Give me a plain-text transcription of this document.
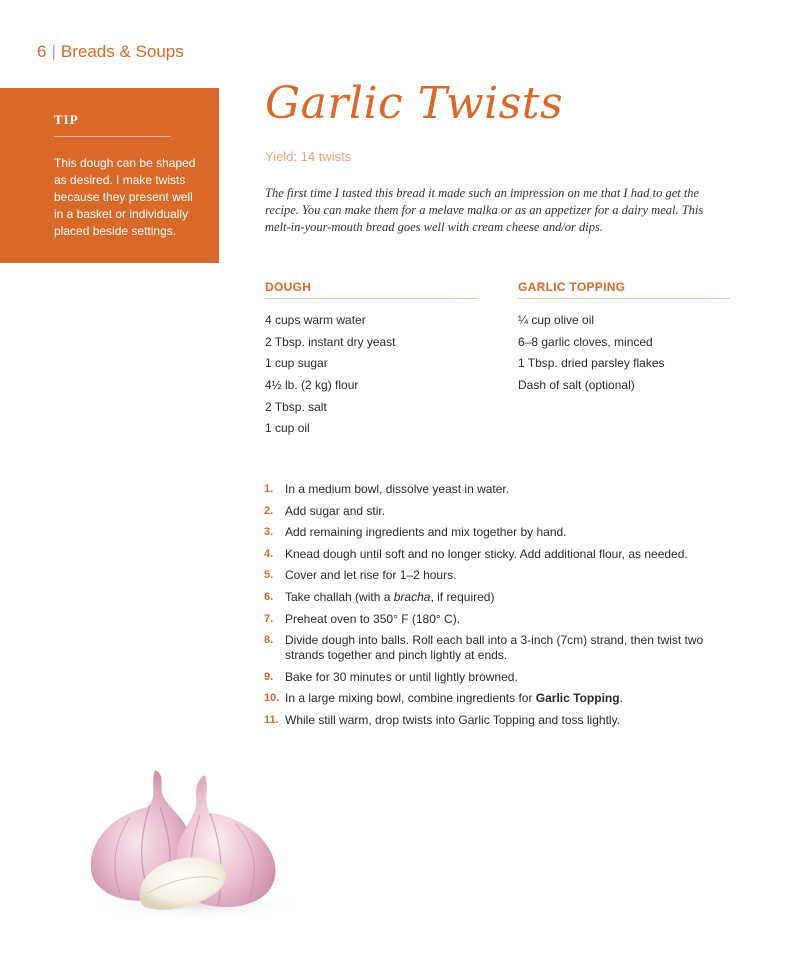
6 | Breads & Soups
TIP
This dough can be shaped as desired. I make twists because they present well in a basket or individually placed beside settings.
Garlic Twists
Yield: 14 twists
The first time I tasted this bread it made such an impression on me that I had to get the recipe. You can make them for a melave malka or as an appetizer for a dairy meal. This melt-in-your-mouth bread goes well with cream cheese and/or dips.
DOUGH
4 cups warm water
2 Tbsp. instant dry yeast
1 cup sugar
4½ lb. (2 kg) flour
2 Tbsp. salt
1 cup oil
GARLIC TOPPING
¼ cup olive oil
6–8 garlic cloves, minced
1 Tbsp. dried parsley flakes
Dash of salt (optional)
1. In a medium bowl, dissolve yeast in water.
2. Add sugar and stir.
3. Add remaining ingredients and mix together by hand.
4. Knead dough until soft and no longer sticky. Add additional flour, as needed.
5. Cover and let rise for 1–2 hours.
6. Take challah (with a bracha, if required)
7. Preheat oven to 350° F (180° C).
8. Divide dough into balls. Roll each ball into a 3-inch (7cm) strand, then twist two strands together and pinch lightly at ends.
9. Bake for 30 minutes or until lightly browned.
10. In a large mixing bowl, combine ingredients for Garlic Topping.
11. While still warm, drop twists into Garlic Topping and toss lightly.
